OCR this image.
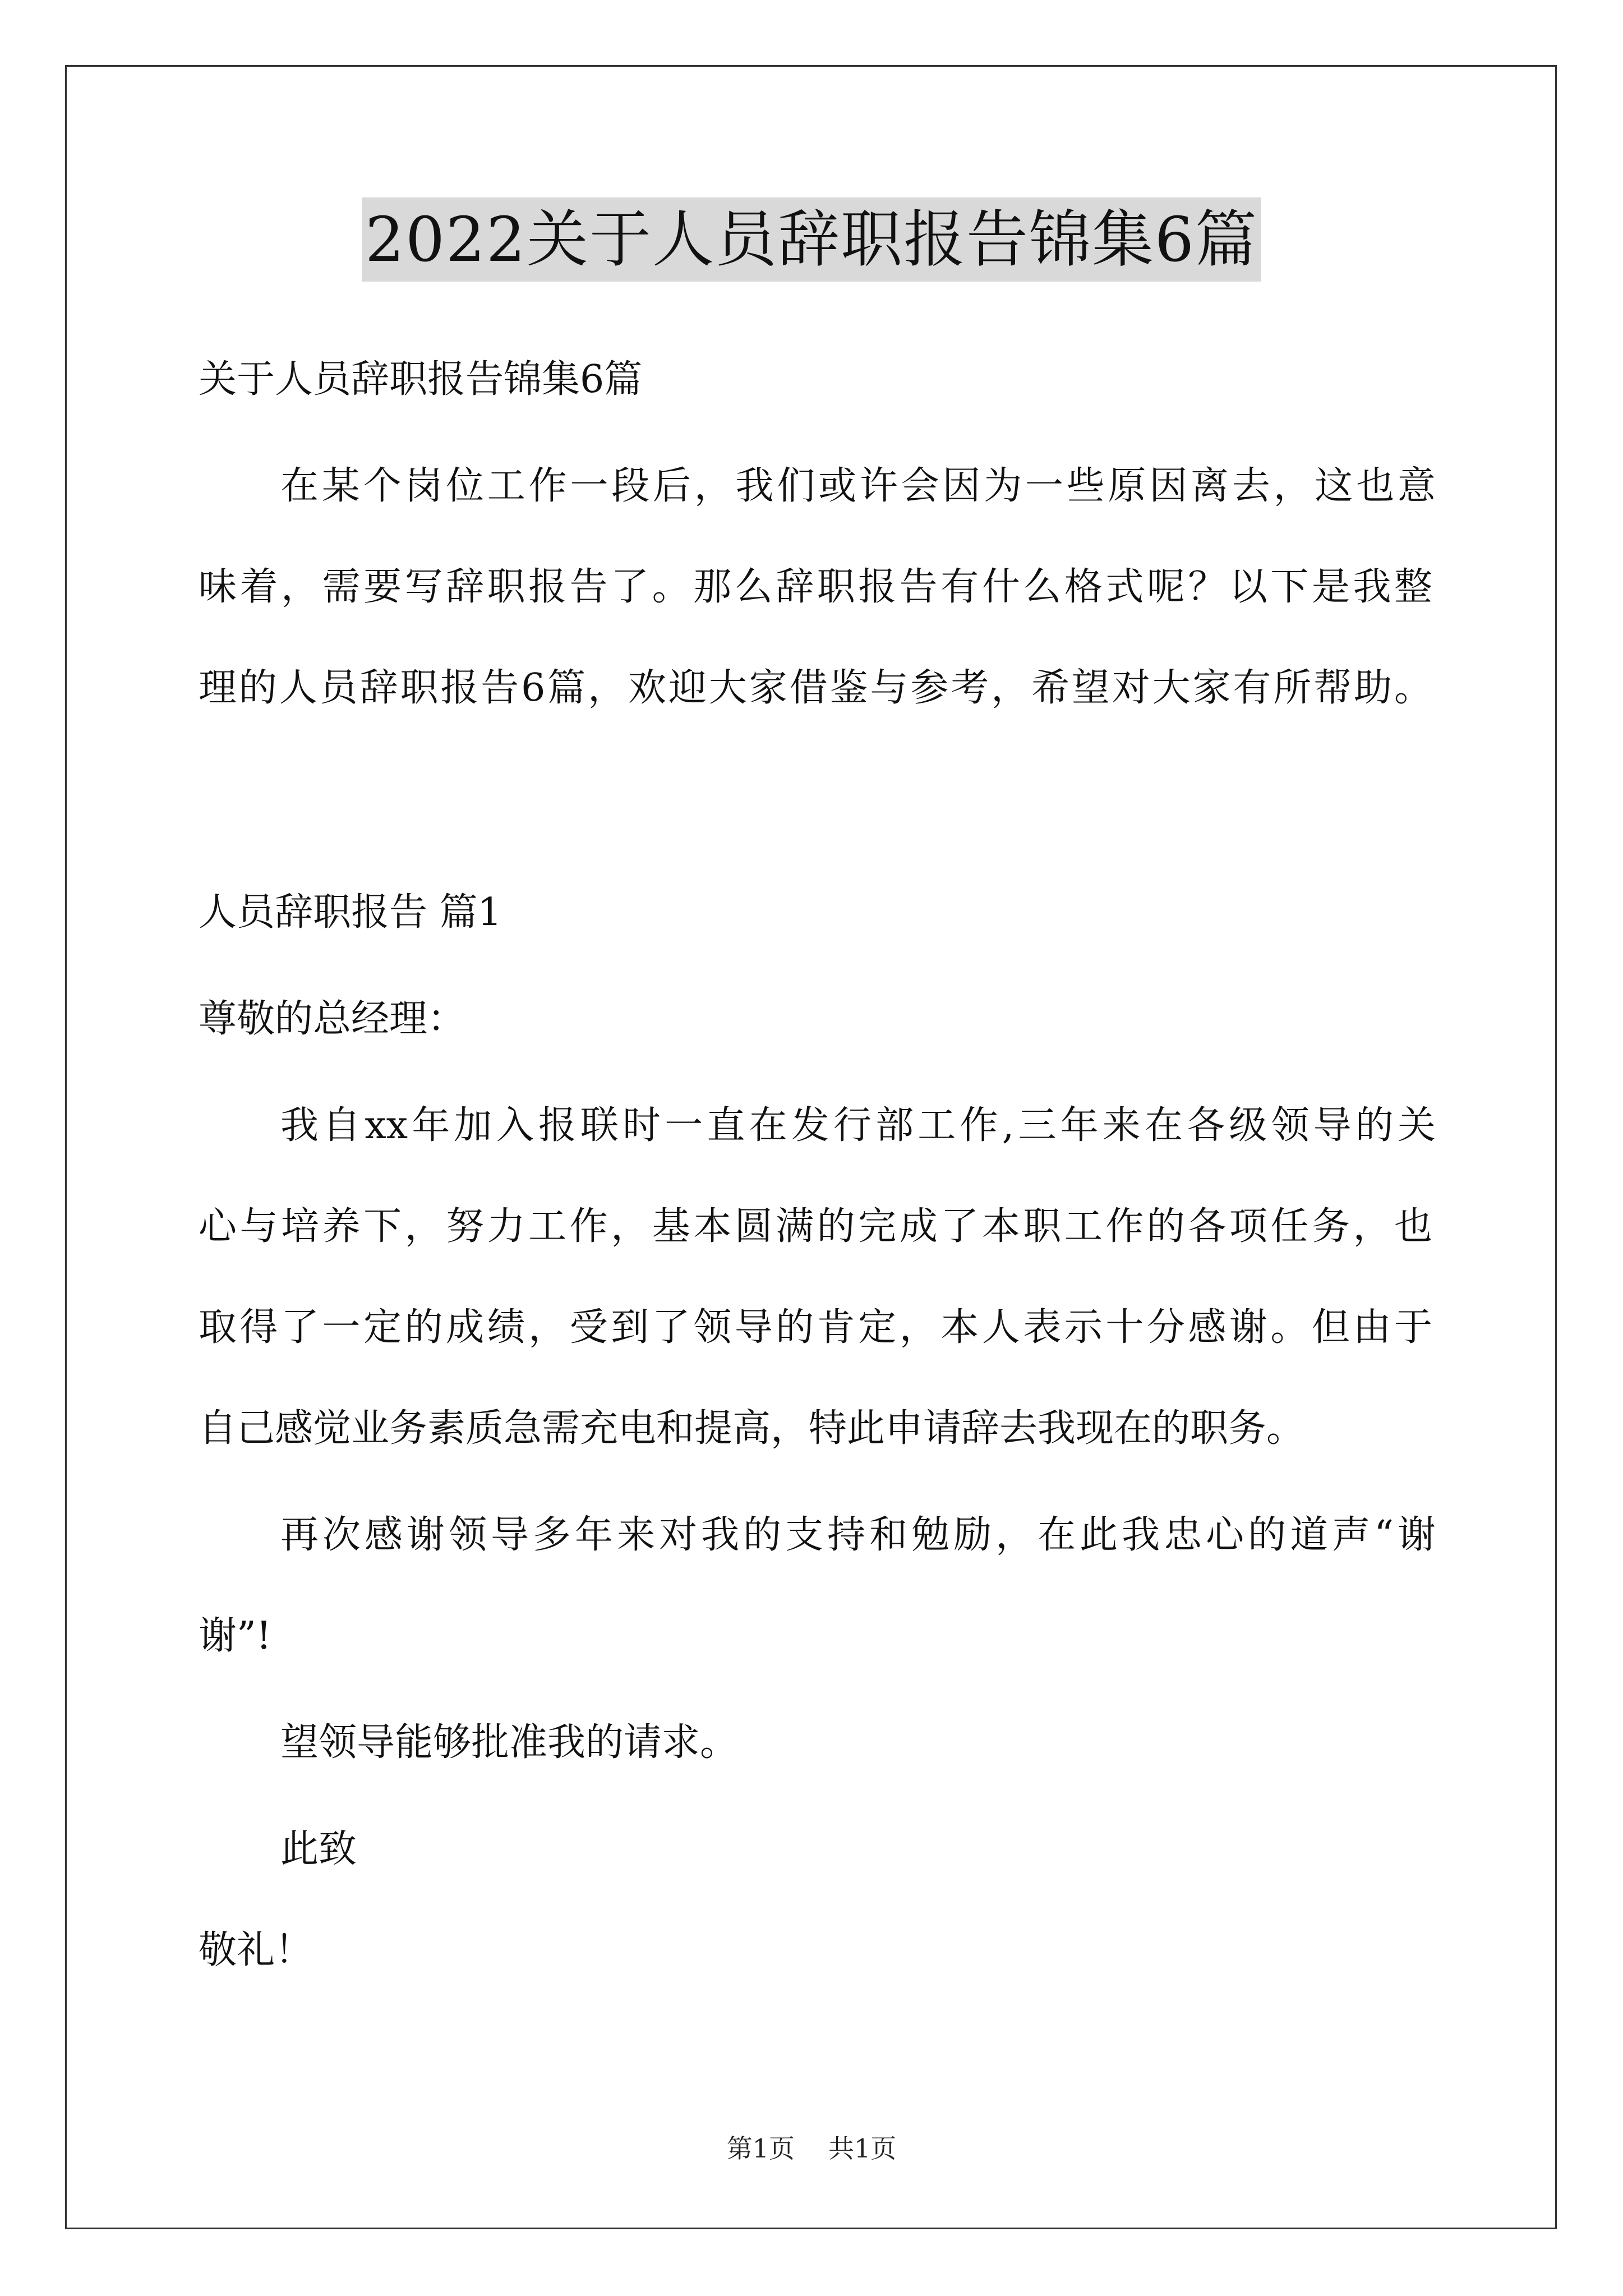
2022关于人员辞职报告锦集6篇
关于人员辞职报告锦集6篇
在某个岗位工作一段后，我们或许会因为一些原因离去，这也意
味着，需要写辞职报告了。那么辞职报告有什么格式呢？以下是我整
理的人员辞职报告6篇，欢迎大家借鉴与参考，希望对大家有所帮助。
人员辞职报告 篇1
尊敬的总经理：
我自xx年加入报联时一直在发行部工作,三年来在各级领导的关
心与培养下，努力工作，基本圆满的完成了本职工作的各项任务，也
取得了一定的成绩，受到了领导的肯定，本人表示十分感谢。但由于
自己感觉业务素质急需充电和提高，特此申请辞去我现在的职务。
再次感谢领导多年来对我的支持和勉励，在此我忠心的道声“谢
谢”!
望领导能够批准我的请求。
此致
敬礼！
第1页 共1页
